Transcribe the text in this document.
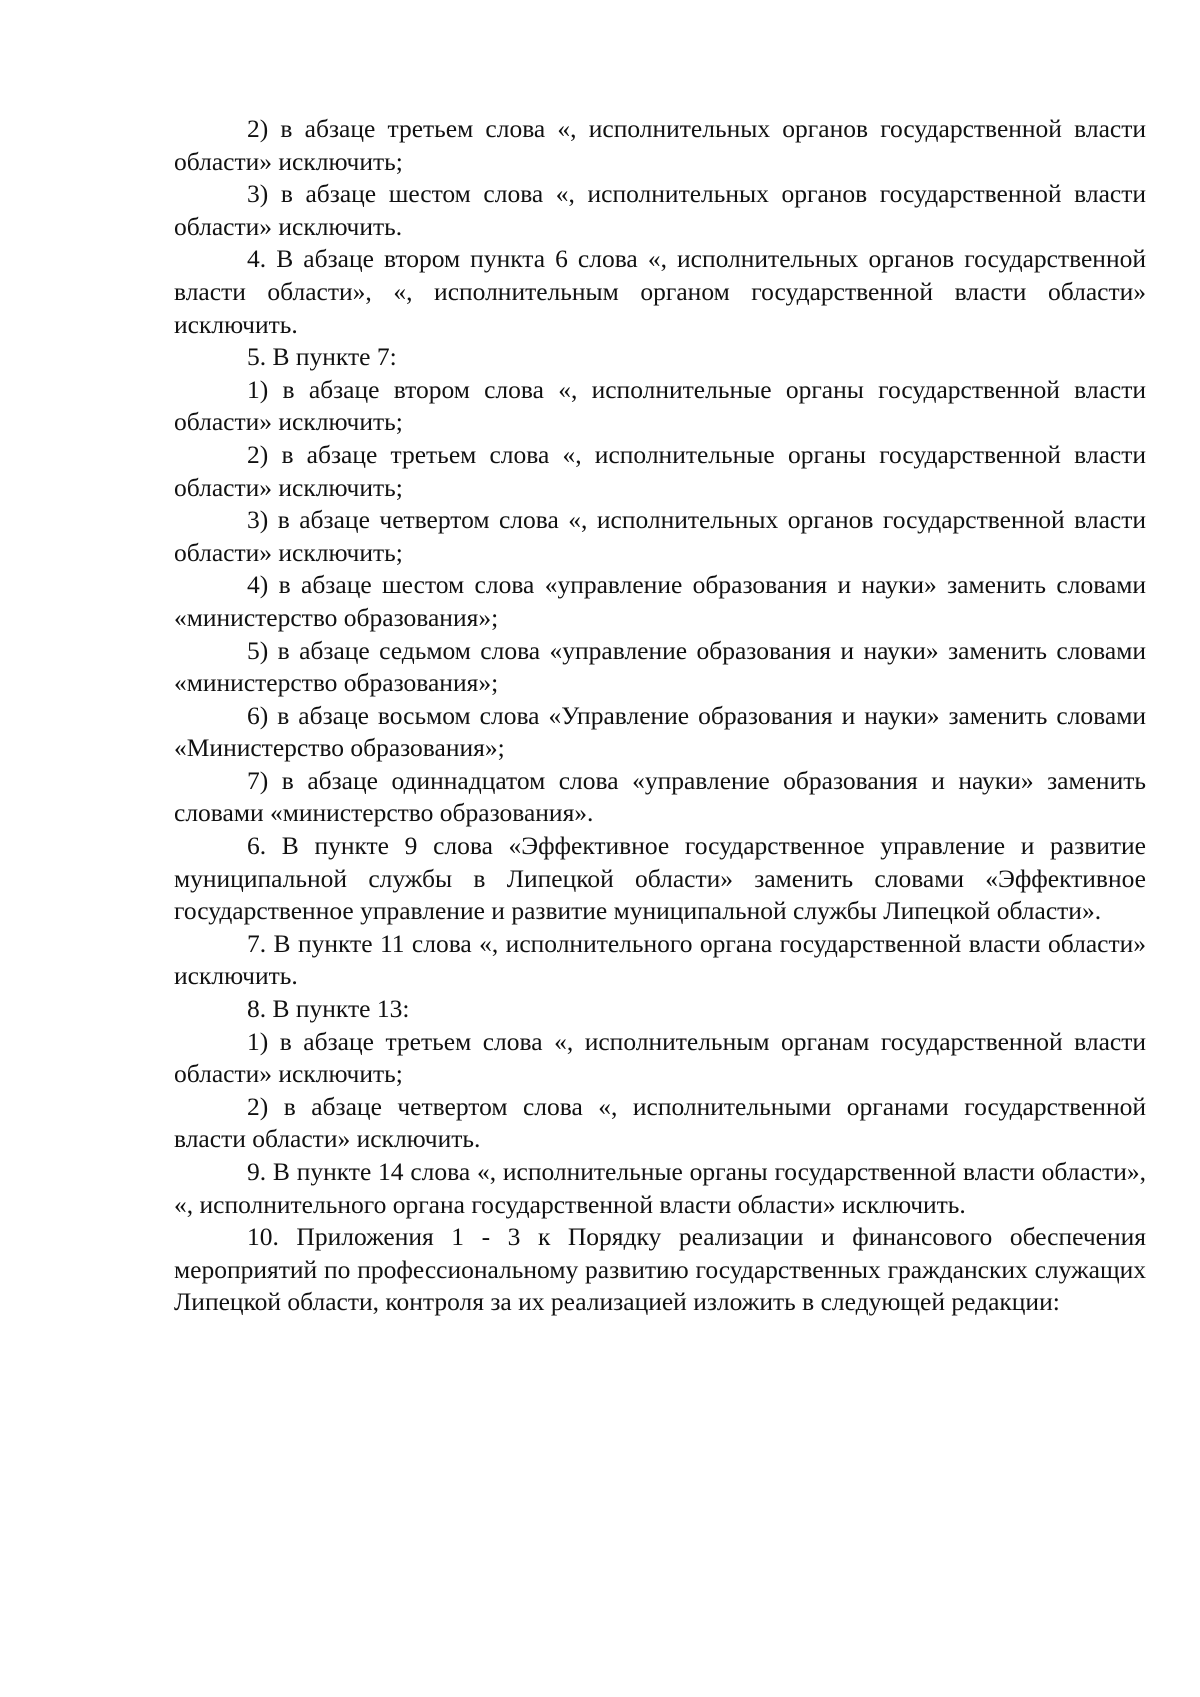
2) в абзаце третьем слова «, исполнительных органов государственной власти области» исключить;

3) в абзаце шестом слова «, исполнительных органов государственной власти области» исключить.

4. В абзаце втором пункта 6 слова «, исполнительных органов государственной власти области», «, исполнительным органом государственной власти области» исключить.

5. В пункте 7:

1) в абзаце втором слова «, исполнительные органы государственной власти области» исключить;

2) в абзаце третьем слова «, исполнительные органы государственной власти области» исключить;

3) в абзаце четвертом слова «, исполнительных органов государственной власти области» исключить;

4) в абзаце шестом слова «управление образования и науки» заменить словами «министерство образования»;

5) в абзаце седьмом слова «управление образования и науки» заменить словами «министерство образования»;

6) в абзаце восьмом слова «Управление образования и науки» заменить словами «Министерство образования»;

7) в абзаце одиннадцатом слова «управление образования и науки» заменить словами «министерство образования».

6. В пункте 9 слова «Эффективное государственное управление и развитие муниципальной службы в Липецкой области» заменить словами «Эффективное государственное управление и развитие муниципальной службы Липецкой области».

7. В пункте 11 слова «, исполнительного органа государственной власти области» исключить.

8. В пункте 13:

1) в абзаце третьем слова «, исполнительным органам государственной власти области» исключить;

2) в абзаце четвертом слова «, исполнительными органами государственной власти области» исключить.

9. В пункте 14 слова «, исполнительные органы государственной власти области», «, исполнительного органа государственной власти области» исключить.

10. Приложения 1 - 3 к Порядку реализации и финансового обеспечения мероприятий по профессиональному развитию государственных гражданских служащих Липецкой области, контроля за их реализацией изложить в следующей редакции:
